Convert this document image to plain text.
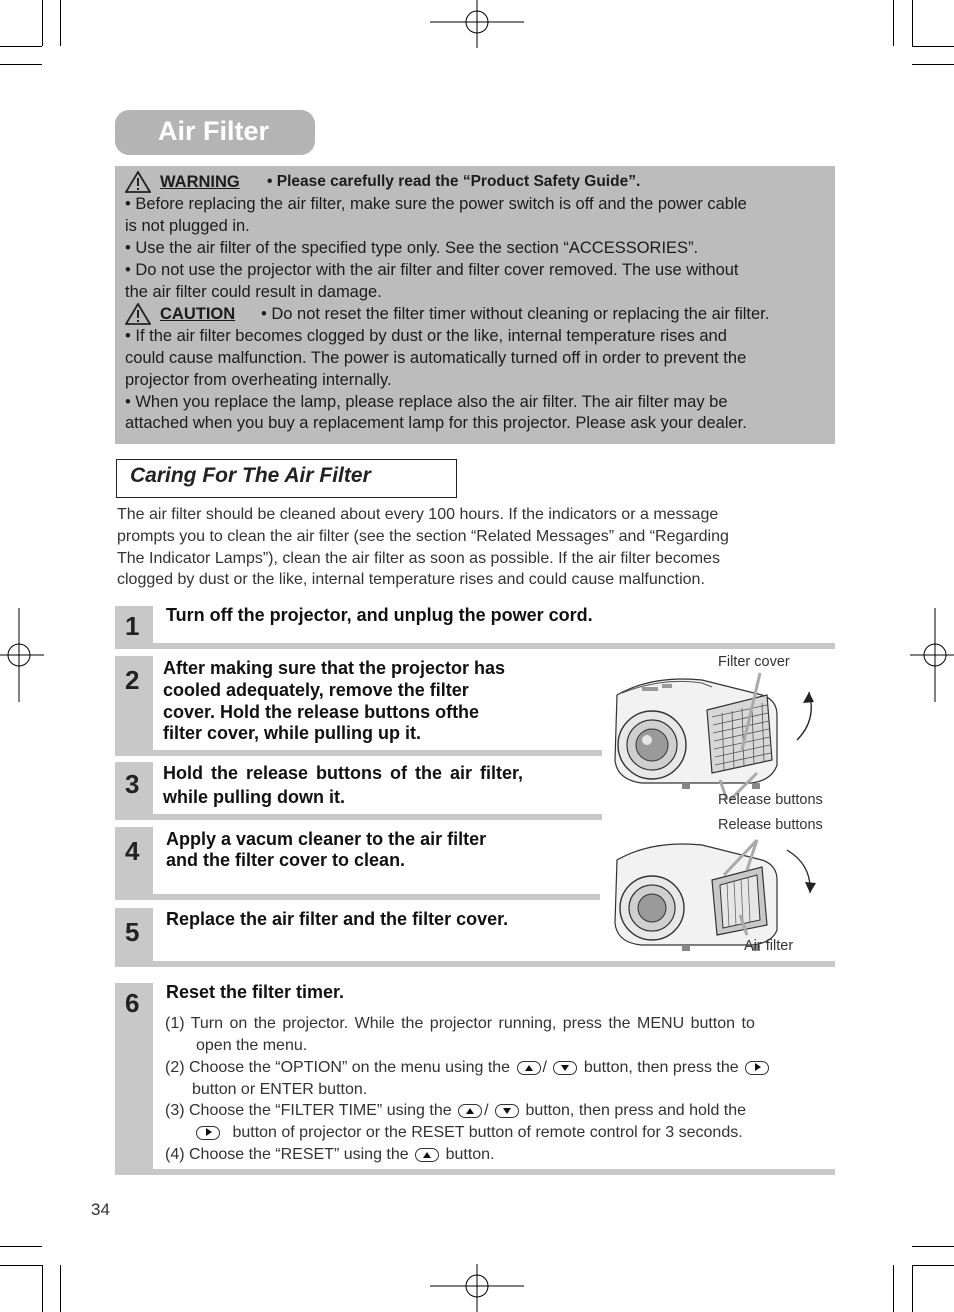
Air Filter
WARNING • Please carefully read the “Product Safety Guide”.
• Before replacing the air filter, make sure the power switch is off and the power cable
is not plugged in.
• Use the air filter of the specified type only. See the section “ACCESSORIES”.
• Do not use the projector with the air filter and filter cover removed. The use without
the air filter could result in damage.
CAUTION • Do not reset the filter timer without cleaning or replacing the air filter.
• If the air filter becomes clogged by dust or the like, internal temperature rises and
could cause malfunction. The power is automatically turned off in order to prevent the
projector from overheating internally.
• When you replace the lamp, please replace also the air filter. The air filter may be
attached when you buy a replacement lamp for this projector. Please ask your dealer.
Caring For The Air Filter
The air filter should be cleaned about every 100 hours. If the indicators or a message
prompts you to clean the air filter (see the section “Related Messages” and “Regarding
The Indicator Lamps”), clean the air filter as soon as possible. If the air filter becomes
clogged by dust or the like, internal temperature rises and could cause malfunction.
1 Turn off the projector, and unplug the power cord.
2 After making sure that the projector has
cooled adequately, remove the filter
cover. Hold the release buttons ofthe
filter cover, while pulling up it.
3 Hold the release buttons of the air filter,
while pulling down it.
4 Apply a vacum cleaner to the air filter
and the filter cover to clean.
5 Replace the air filter and the filter cover.
6 Reset the filter timer.
(1) Turn on the projector. While the projector running, press the MENU button to
open the menu.
(2) Choose the “OPTION” on the menu using the / button, then press the
button or ENTER button.
(3) Choose the “FILTER TIME” using the / button, then press and hold the
button of projector or the RESET button of remote control for 3 seconds.
(4) Choose the “RESET” using the button.
Filter cover
Release buttons
Release buttons
Air filter
34
